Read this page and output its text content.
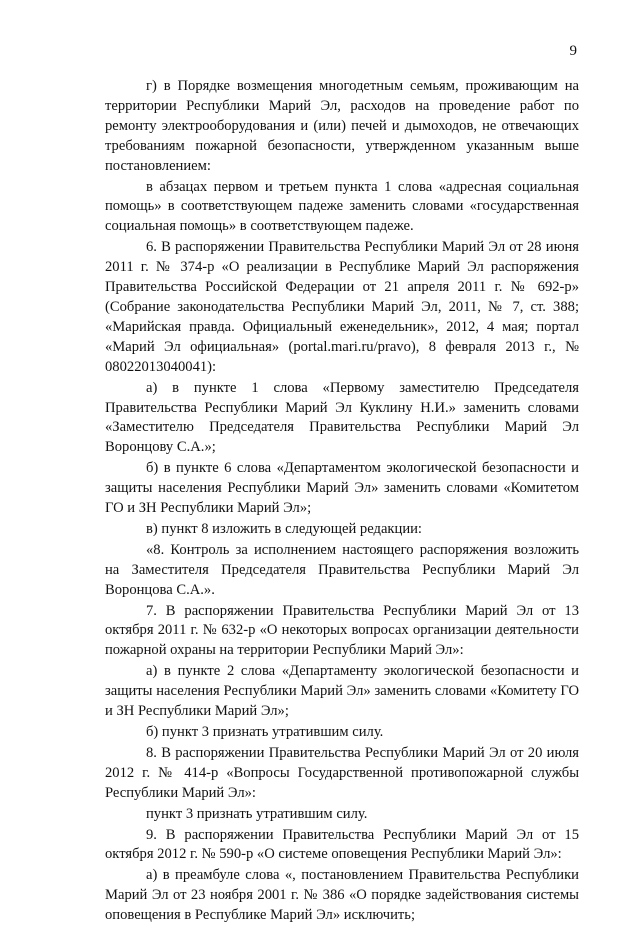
9

г) в Порядке возмещения многодетным семьям, проживающим на территории Республики Марий Эл, расходов на проведение работ по ремонту электрооборудования и (или) печей и дымоходов, не отвечающих требованиям пожарной безопасности, утвержденном указанным выше постановлением:

в абзацах первом и третьем пункта 1 слова «адресная социальная помощь» в соответствующем падеже заменить словами «государственная социальная помощь» в соответствующем падеже.

6. В распоряжении Правительства Республики Марий Эл от 28 июня 2011 г. № 374-р «О реализации в Республике Марий Эл распоряжения Правительства Российской Федерации от 21 апреля 2011 г. № 692-р» (Собрание законодательства Республики Марий Эл, 2011, № 7, ст. 388; «Марийская правда. Официальный еженедельник», 2012, 4 мая; портал «Марий Эл официальная» (portal.mari.ru/pravo), 8 февраля 2013 г., № 08022013040041):

а) в пункте 1 слова «Первому заместителю Председателя Правительства Республики Марий Эл Куклину Н.И.» заменить словами «Заместителю Председателя Правительства Республики Марий Эл Воронцову С.А.»;

б) в пункте 6 слова «Департаментом экологической безопасности и защиты населения Республики Марий Эл» заменить словами «Комитетом ГО и ЗН Республики Марий Эл»;

в) пункт 8 изложить в следующей редакции:

«8. Контроль за исполнением настоящего распоряжения возложить на Заместителя Председателя Правительства Республики Марий Эл Воронцова С.А.».

7. В распоряжении Правительства Республики Марий Эл от 13 октября 2011 г. № 632-р «О некоторых вопросах организации деятельности пожарной охраны на территории Республики Марий Эл»:

а) в пункте 2 слова «Департаменту экологической безопасности и защиты населения Республики Марий Эл» заменить словами «Комитету ГО и ЗН Республики Марий Эл»;

б) пункт 3 признать утратившим силу.

8. В распоряжении Правительства Республики Марий Эл от 20 июля 2012 г. № 414-р «Вопросы Государственной противопожарной службы Республики Марий Эл»:

пункт 3 признать утратившим силу.

9. В распоряжении Правительства Республики Марий Эл от 15 октября 2012 г. № 590-р «О системе оповещения Республики Марий Эл»:

а) в преамбуле слова «, постановлением Правительства Республики Марий Эл от 23 ноября 2001 г. № 386 «О порядке задействования системы оповещения в Республике Марий Эл» исключить;
